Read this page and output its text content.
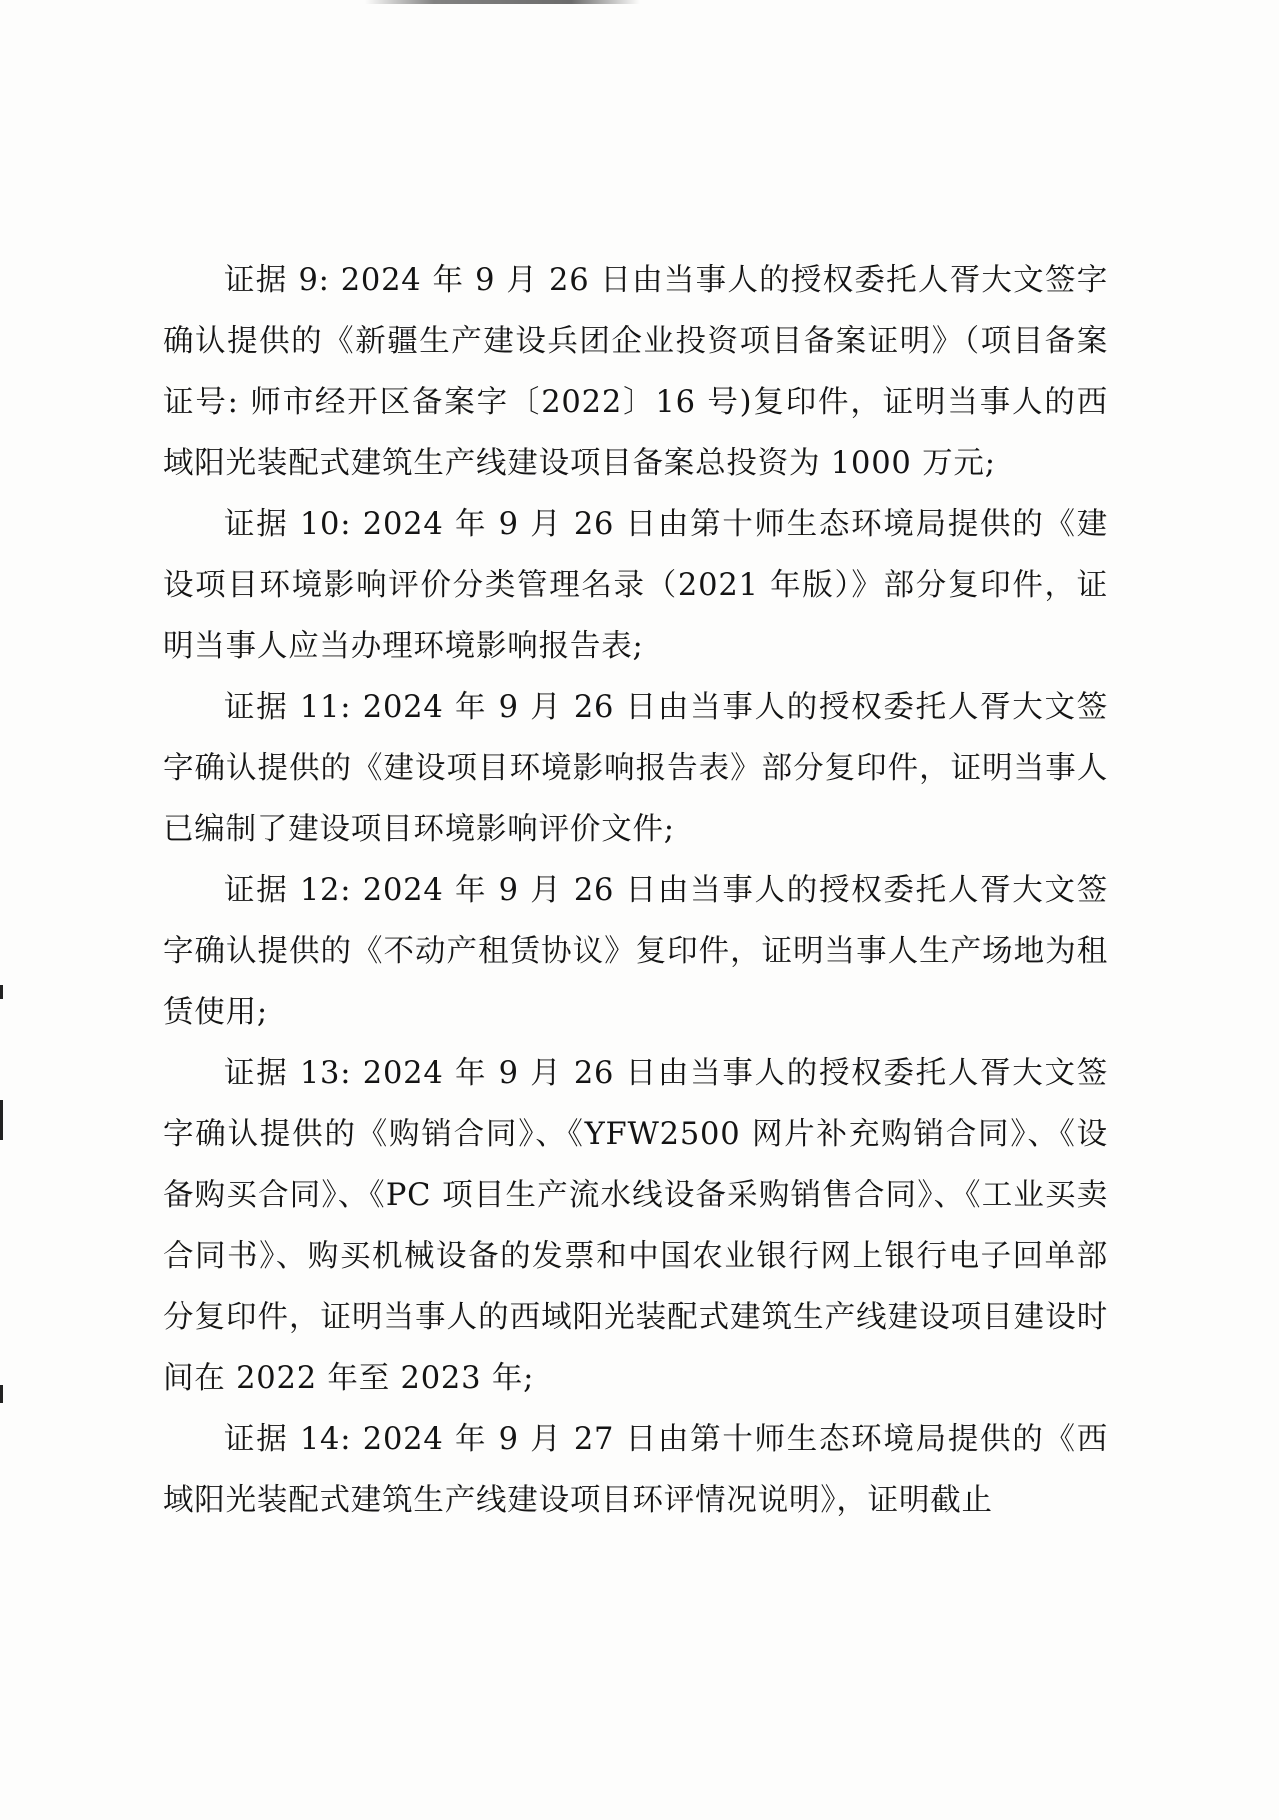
证据 9: 2024 年 9 月 26 日由当事人的授权委托人胥大文签字确认提供的《新疆生产建设兵团企业投资项目备案证明》（项目备案证号: 师市经开区备案字〔2022〕16 号)复印件，证明当事人的西域阳光装配式建筑生产线建设项目备案总投资为 1000 万元;

证据 10: 2024 年 9 月 26 日由第十师生态环境局提供的《建设项目环境影响评价分类管理名录（2021 年版）》部分复印件，证明当事人应当办理环境影响报告表;

证据 11: 2024 年 9 月 26 日由当事人的授权委托人胥大文签字确认提供的《建设项目环境影响报告表》部分复印件，证明当事人已编制了建设项目环境影响评价文件;

证据 12: 2024 年 9 月 26 日由当事人的授权委托人胥大文签字确认提供的《不动产租赁协议》复印件，证明当事人生产场地为租赁使用;

证据 13: 2024 年 9 月 26 日由当事人的授权委托人胥大文签字确认提供的《购销合同》、《YFW2500 网片补充购销合同》、《设备购买合同》、《PC 项目生产流水线设备采购销售合同》、《工业买卖合同书》、购买机械设备的发票和中国农业银行网上银行电子回单部分复印件，证明当事人的西域阳光装配式建筑生产线建设项目建设时间在 2022 年至 2023 年;

证据 14: 2024 年 9 月 27 日由第十师生态环境局提供的《西域阳光装配式建筑生产线建设项目环评情况说明》，证明截止
